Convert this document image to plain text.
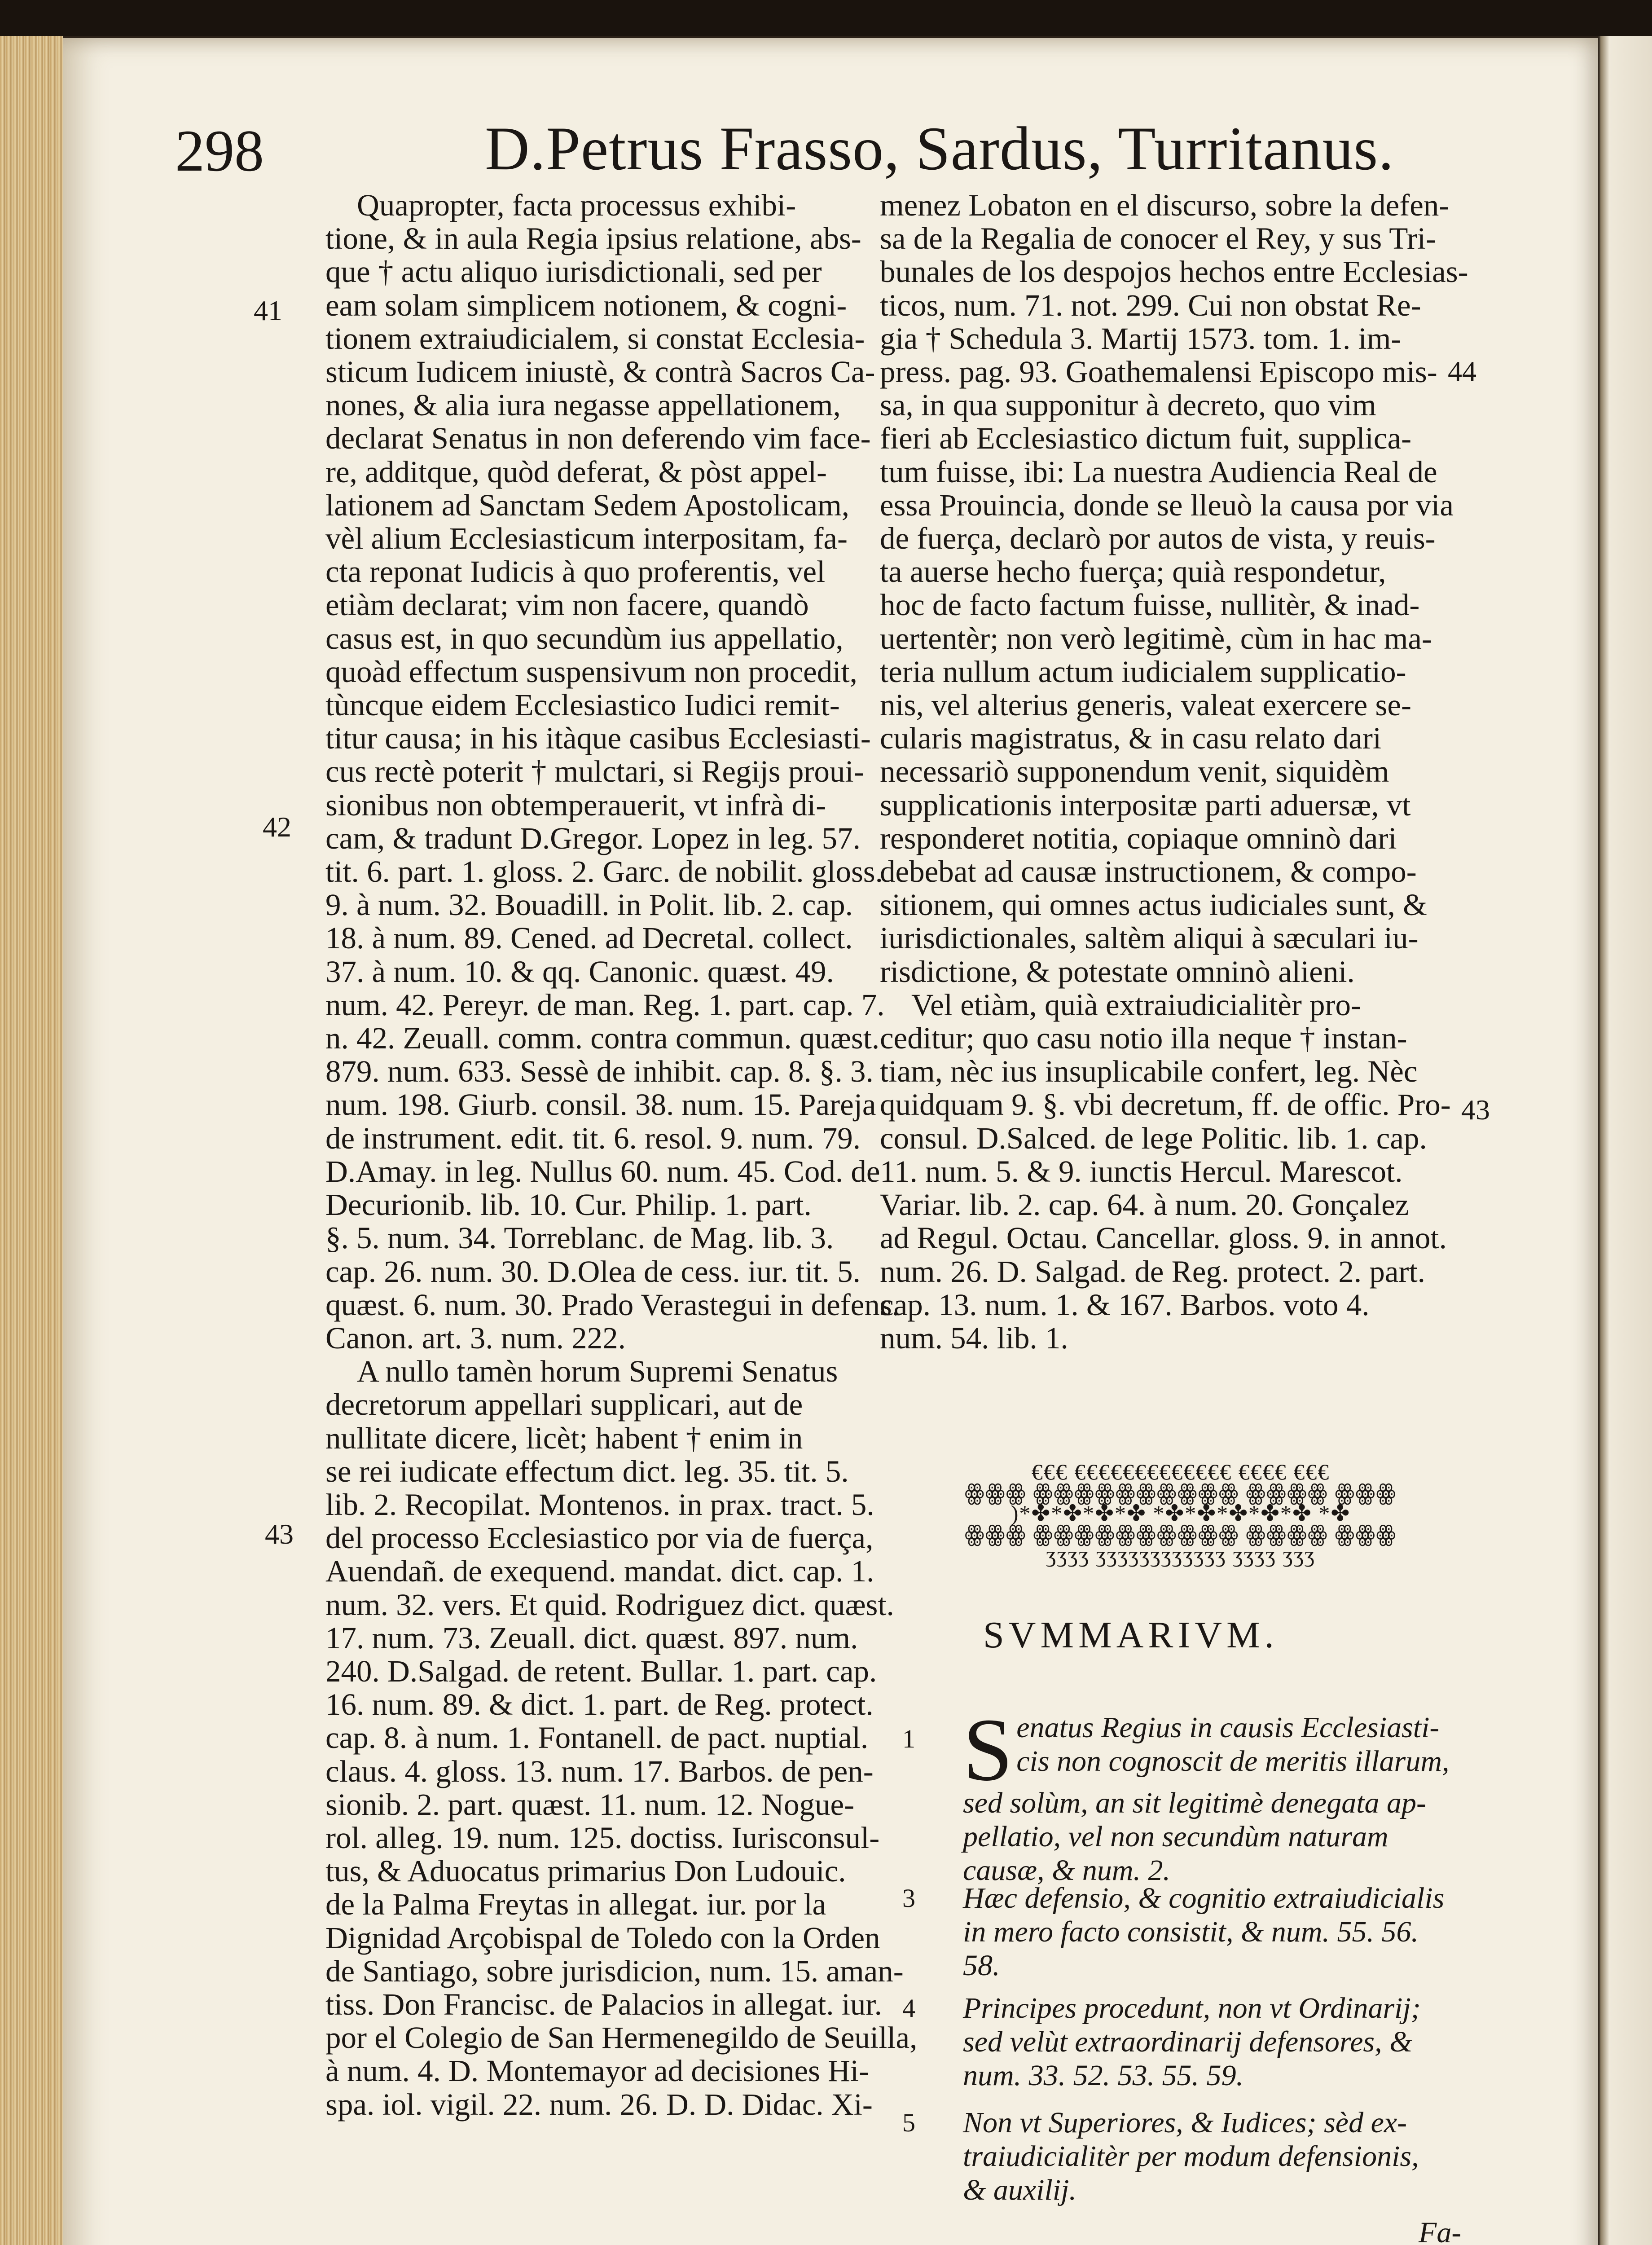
298	D.Petrus Frasso, Sardus, Turritanus.
41
42
43
44
43
Quapropter, facta processus exhibi-
tione, & in aula Regia ipsius relatione, abs-
que † actu aliquo iurisdictionali, sed per
eam solam simplicem notionem, & cogni-
tionem extraiudicialem, si constat Ecclesia-
sticum Iudicem iniustè, & contrà Sacros Ca-
nones, & alia iura negasse appellationem,
declarat Senatus in non deferendo vim face-
re, additque, quòd deferat, & pòst appel-
lationem ad Sanctam Sedem Apostolicam,
vèl alium Ecclesiasticum interpositam, fa-
cta reponat Iudicis à quo proferentis, vel
etiàm declarat; vim non facere, quandò
casus est, in quo secundùm ius appellatio,
quoàd effectum suspensivum non procedit,
tùncque eidem Ecclesiastico Iudici remit-
titur causa; in his itàque casibus Ecclesiasti-
cus rectè poterit † mulctari, si Regijs proui-
sionibus non obtemperauerit, vt infrà di-
cam, & tradunt D.Gregor. Lopez in leg. 57.
tit. 6. part. 1. gloss. 2. Garc. de nobilit. gloss.
9. à num. 32. Bouadill. in Polit. lib. 2. cap.
18. à num. 89. Cened. ad Decretal. collect.
37. à num. 10. & qq. Canonic. quæst. 49.
num. 42. Pereyr. de man. Reg. 1. part. cap. 7.
n. 42. Zeuall. comm. contra commun. quæst.
879. num. 633. Sessè de inhibit. cap. 8. §. 3.
num. 198. Giurb. consil. 38. num. 15. Pareja
de instrument. edit. tit. 6. resol. 9. num. 79.
D.Amay. in leg. Nullus 60. num. 45. Cod. de
Decurionib. lib. 10. Cur. Philip. 1. part.
§. 5. num. 34. Torreblanc. de Mag. lib. 3.
cap. 26. num. 30. D.Olea de cess. iur. tit. 5.
quæst. 6. num. 30. Prado Verastegui in defens.
Canon. art. 3. num. 222.
A nullo tamèn horum Supremi Senatus
decretorum appellari supplicari, aut de
nullitate dicere, licèt; habent † enim in
se rei iudicate effectum dict. leg. 35. tit. 5.
lib. 2. Recopilat. Montenos. in prax. tract. 5.
del processo Ecclesiastico por via de fuerça,
Auendañ. de exequend. mandat. dict. cap. 1.
num. 32. vers. Et quid. Rodriguez dict. quæst.
17. num. 73. Zeuall. dict. quæst. 897. num.
240. D.Salgad. de retent. Bullar. 1. part. cap.
16. num. 89. & dict. 1. part. de Reg. protect.
cap. 8. à num. 1. Fontanell. de pact. nuptial.
claus. 4. gloss. 13. num. 17. Barbos. de pen-
sionib. 2. part. quæst. 11. num. 12. Nogue-
rol. alleg. 19. num. 125. doctiss. Iurisconsul-
tus, & Aduocatus primarius Don Ludouic.
de la Palma Freytas in allegat. iur. por la
Dignidad Arçobispal de Toledo con la Orden
de Santiago, sobre jurisdicion, num. 15. aman-
tiss. Don Francisc. de Palacios in allegat. iur.
por el Colegio de San Hermenegildo de Seuilla,
à num. 4. D. Montemayor ad decisiones Hi-
spa. iol. vigil. 22. num. 26. D. D. Didac. Xi-
menez Lobaton en el discurso, sobre la defen-
sa de la Regalia de conocer el Rey, y sus Tri-
bunales de los despojos hechos entre Ecclesias-
ticos, num. 71. not. 299. Cui non obstat Re-
gia † Schedula 3. Martij 1573. tom. 1. im-
press. pag. 93. Goathemalensi Episcopo mis-
sa, in qua supponitur à decreto, quo vim
fieri ab Ecclesiastico dictum fuit, supplica-
tum fuisse, ibi: La nuestra Audiencia Real de
essa Prouincia, donde se lleuò la causa por via
de fuerça, declarò por autos de vista, y reuis-
ta auerse hecho fuerça; quià respondetur,
hoc de facto factum fuisse, nullitèr, & inad-
uertentèr; non verò legitimè, cùm in hac ma-
teria nullum actum iudicialem supplicatio-
nis, vel alterius generis, valeat exercere se-
cularis magistratus, & in casu relato dari
necessariò supponendum venit, siquidèm
supplicationis interpositæ parti aduersæ, vt
responderet notitia, copiaque omninò dari
debebat ad causæ instructionem, & compo-
sitionem, qui omnes actus iudiciales sunt, &
iurisdictionales, saltèm aliqui à sæculari iu-
risdictione, & potestate omninò alieni.
Vel etiàm, quià extraiudicialitèr pro-
ceditur; quo casu notio illa neque † instan-
tiam, nèc ius insuplicabile confert, leg. Nèc
quidquam 9. §. vbi decretum, ff. de offic. Pro-
consul. D.Salced. de lege Politic. lib. 1. cap.
11. num. 5. & 9. iunctis Hercul. Marescot.
Variar. lib. 2. cap. 64. à num. 20. Gonçalez
ad Regul. Octau. Cancellar. gloss. 9. in annot.
num. 26. D. Salgad. de Reg. protect. 2. part.
cap. 13. num. 1. & 167. Barbos. voto 4.
num. 54. lib. 1.
€€€ €€€€€€€€€€€€€ €€€€ €€€
ꙮꙮꙮ ꙮꙮꙮꙮꙮꙮꙮꙮꙮꙮ ꙮꙮꙮꙮ ꙮꙮꙮ
)*✤*✤*✤*✤ *✤*✤*✤*✤*✤ *✤
ꙮꙮꙮ ꙮꙮꙮꙮꙮꙮꙮꙮꙮꙮ ꙮꙮꙮꙮ ꙮꙮꙮ
ʒʒʒʒ ʒʒʒʒʒʒʒʒʒʒʒʒ ʒʒʒʒ ʒʒʒ
SVMMARIVM.
1 S enatus Regius in causis Ecclesiasti-
cis non cognoscit de meritis illarum,
sed solùm, an sit legitimè denegata ap-
pellatio, vel non secundùm naturam
causæ, & num. 2.
3 Hæc defensio, & cognitio extraiudicialis
in mero facto consistit, & num. 55. 56.
58.
4 Principes procedunt, non vt Ordinarij;
sed velùt extraordinarij defensores, &
num. 33. 52. 53. 55. 59.
5 Non vt Superiores, & Iudices; sèd ex-
traiudicialitèr per modum defensionis,
& auxilij.
Fa-
